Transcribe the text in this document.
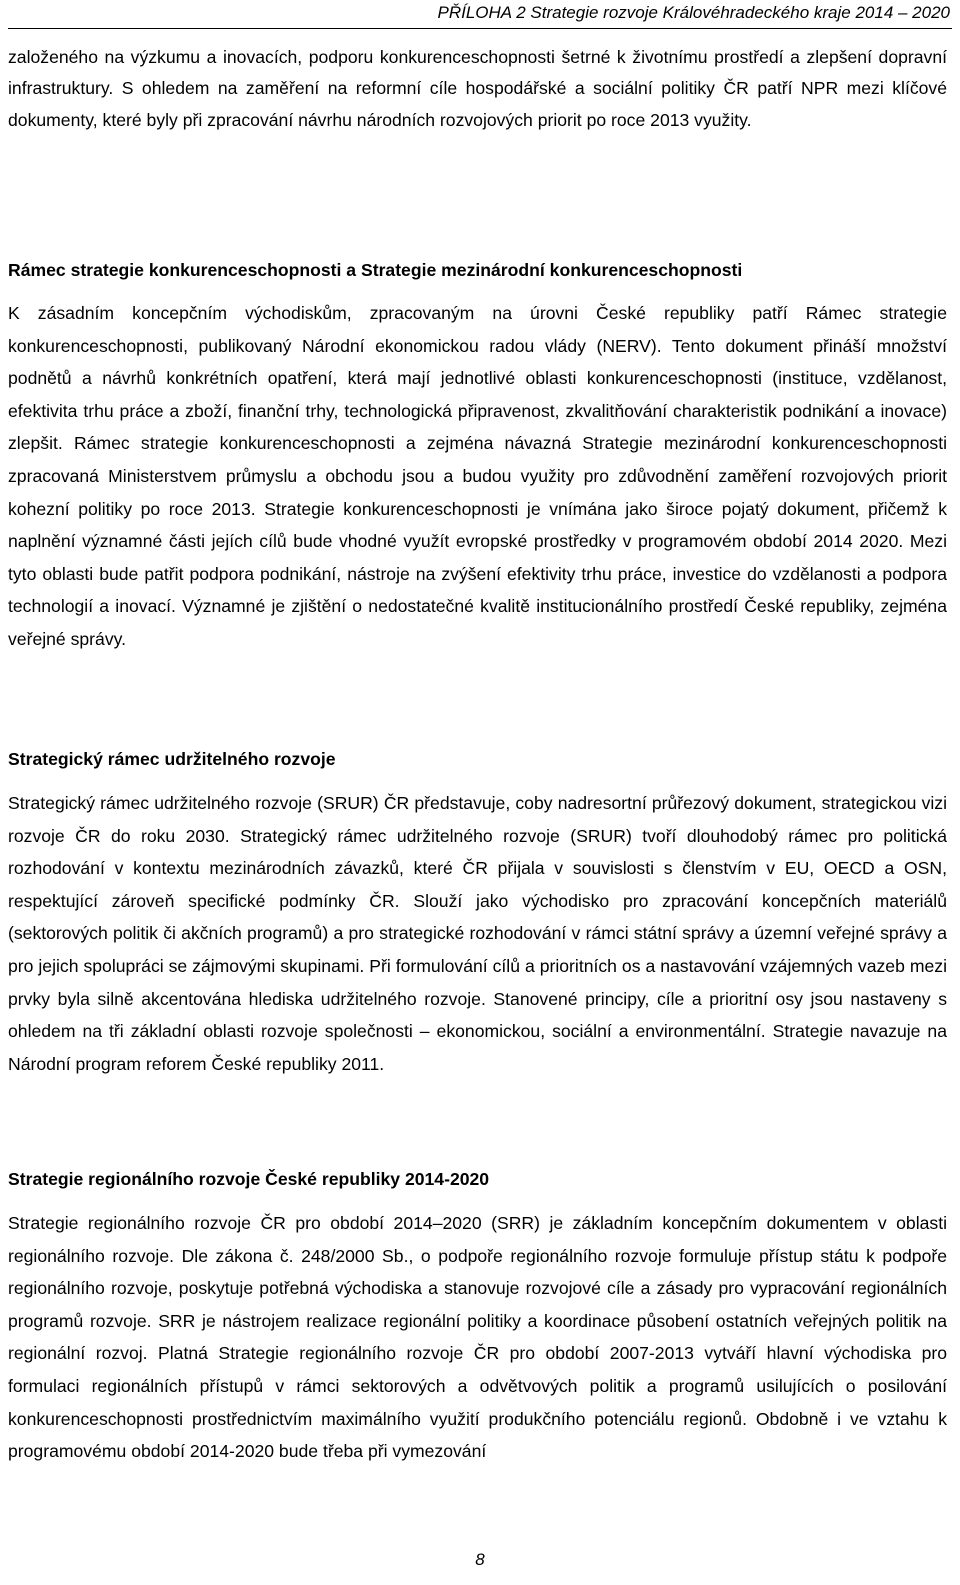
PŘÍLOHA 2 Strategie rozvoje Královéhradeckého kraje 2014 – 2020

založeného na výzkumu a inovacích, podporu konkurenceschopnosti šetrné k životnímu prostředí a zlepšení dopravní infrastruktury. S ohledem na zaměření na reformní cíle hospodářské a sociální politiky ČR patří NPR mezi klíčové dokumenty, které byly při zpracování návrhu národních rozvojových priorit po roce 2013 využity.

Rámec strategie konkurenceschopnosti a Strategie mezinárodní konkurenceschopnosti

K zásadním koncepčním východiskům, zpracovaným na úrovni České republiky patří Rámec strategie konkurenceschopnosti, publikovaný Národní ekonomickou radou vlády (NERV). Tento dokument přináší množství podnětů a návrhů konkrétních opatření, která mají jednotlivé oblasti konkurenceschopnosti (instituce, vzdělanost, efektivita trhu práce a zboží, finanční trhy, technologická připravenost, zkvalitňování charakteristik podnikání a inovace) zlepšit. Rámec strategie konkurenceschopnosti a zejména návazná Strategie mezinárodní konkurenceschopnosti zpracovaná Ministerstvem průmyslu a obchodu jsou a budou využity pro zdůvodnění zaměření rozvojových priorit kohezní politiky po roce 2013. Strategie konkurenceschopnosti je vnímána jako široce pojatý dokument, přičemž k naplnění významné části jejích cílů bude vhodné využít evropské prostředky v programovém období 2014 2020. Mezi tyto oblasti bude patřit podpora podnikání, nástroje na zvýšení efektivity trhu práce, investice do vzdělanosti a podpora technologií a inovací. Významné je zjištění o nedostatečné kvalitě institucionálního prostředí České republiky, zejména veřejné správy.

Strategický rámec udržitelného rozvoje

Strategický rámec udržitelného rozvoje (SRUR) ČR představuje, coby nadresortní průřezový dokument, strategickou vizi rozvoje ČR do roku 2030. Strategický rámec udržitelného rozvoje (SRUR) tvoří dlouhodobý rámec pro politická rozhodování v kontextu mezinárodních závazků, které ČR přijala v souvislosti s členstvím v EU, OECD a OSN, respektující zároveň specifické podmínky ČR. Slouží jako východisko pro zpracování koncepčních materiálů (sektorových politik či akčních programů) a pro strategické rozhodování v rámci státní správy a územní veřejné správy a pro jejich spolupráci se zájmovými skupinami. Při formulování cílů a prioritních os a nastavování vzájemných vazeb mezi prvky byla silně akcentována hlediska udržitelného rozvoje. Stanovené principy, cíle a prioritní osy jsou nastaveny s ohledem na tři základní oblasti rozvoje společnosti – ekonomickou, sociální a environmentální. Strategie navazuje na Národní program reforem České republiky 2011.

Strategie regionálního rozvoje České republiky 2014-2020

Strategie regionálního rozvoje ČR pro období 2014–2020 (SRR) je základním koncepčním dokumentem v oblasti regionálního rozvoje. Dle zákona č. 248/2000 Sb., o podpoře regionálního rozvoje formuluje přístup státu k podpoře regionálního rozvoje, poskytuje potřebná východiska a stanovuje rozvojové cíle a zásady pro vypracování regionálních programů rozvoje. SRR je nástrojem realizace regionální politiky a koordinace působení ostatních veřejných politik na regionální rozvoj. Platná Strategie regionálního rozvoje ČR pro období 2007-2013 vytváří hlavní východiska pro formulaci regionálních přístupů v rámci sektorových a odvětvových politik a programů usilujících o posilování konkurenceschopnosti prostřednictvím maximálního využití produkčního potenciálu regionů. Obdobně i ve vztahu k programovému období 2014-2020 bude třeba při vymezování

8
